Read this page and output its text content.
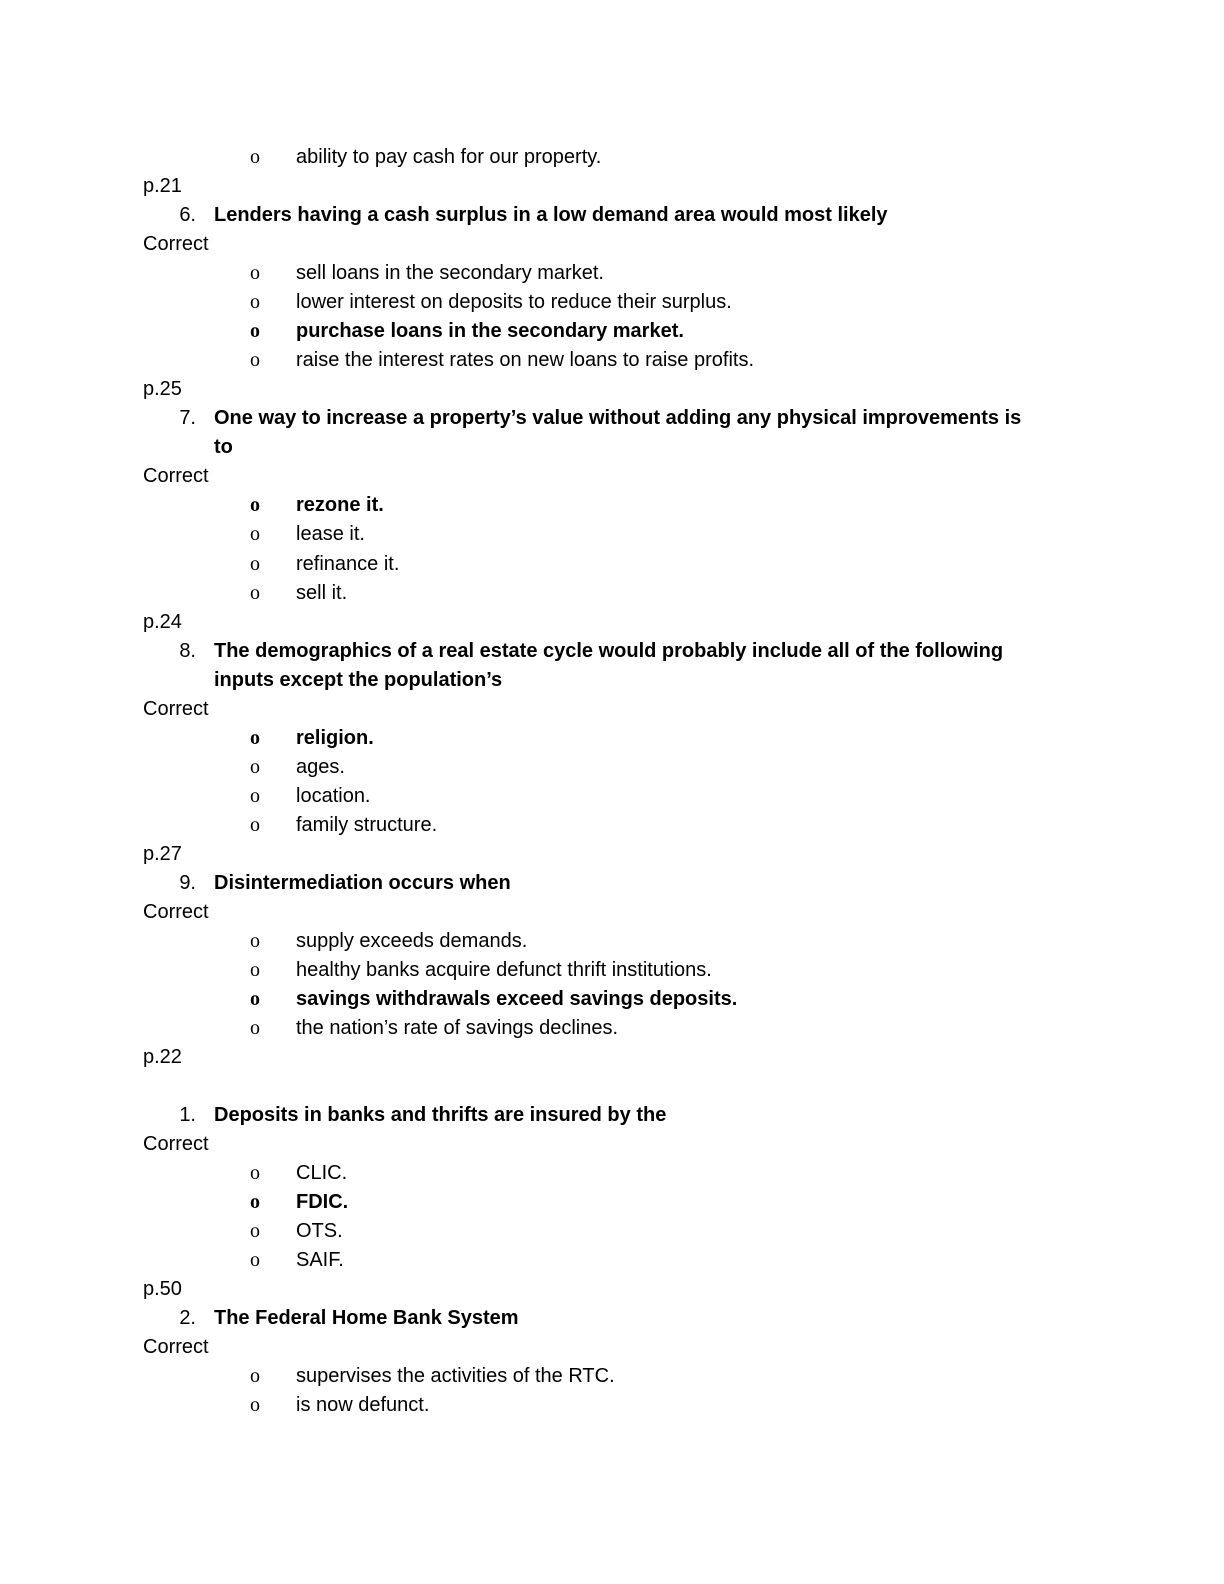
o ability to pay cash for our property.
p.21
6. Lenders having a cash surplus in a low demand area would most likely
Correct
o sell loans in the secondary market.
o lower interest on deposits to reduce their surplus.
o purchase loans in the secondary market.
o raise the interest rates on new loans to raise profits.
p.25
7. One way to increase a property’s value without adding any physical improvements is
to
Correct
o rezone it.
o lease it.
o refinance it.
o sell it.
p.24
8. The demographics of a real estate cycle would probably include all of the following
inputs except the population’s
Correct
o religion.
o ages.
o location.
o family structure.
p.27
9. Disintermediation occurs when
Correct
o supply exceeds demands.
o healthy banks acquire defunct thrift institutions.
o savings withdrawals exceed savings deposits.
o the nation’s rate of savings declines.
p.22
1. Deposits in banks and thrifts are insured by the
Correct
o CLIC.
o FDIC.
o OTS.
o SAIF.
p.50
2. The Federal Home Bank System
Correct
o supervises the activities of the RTC.
o is now defunct.
